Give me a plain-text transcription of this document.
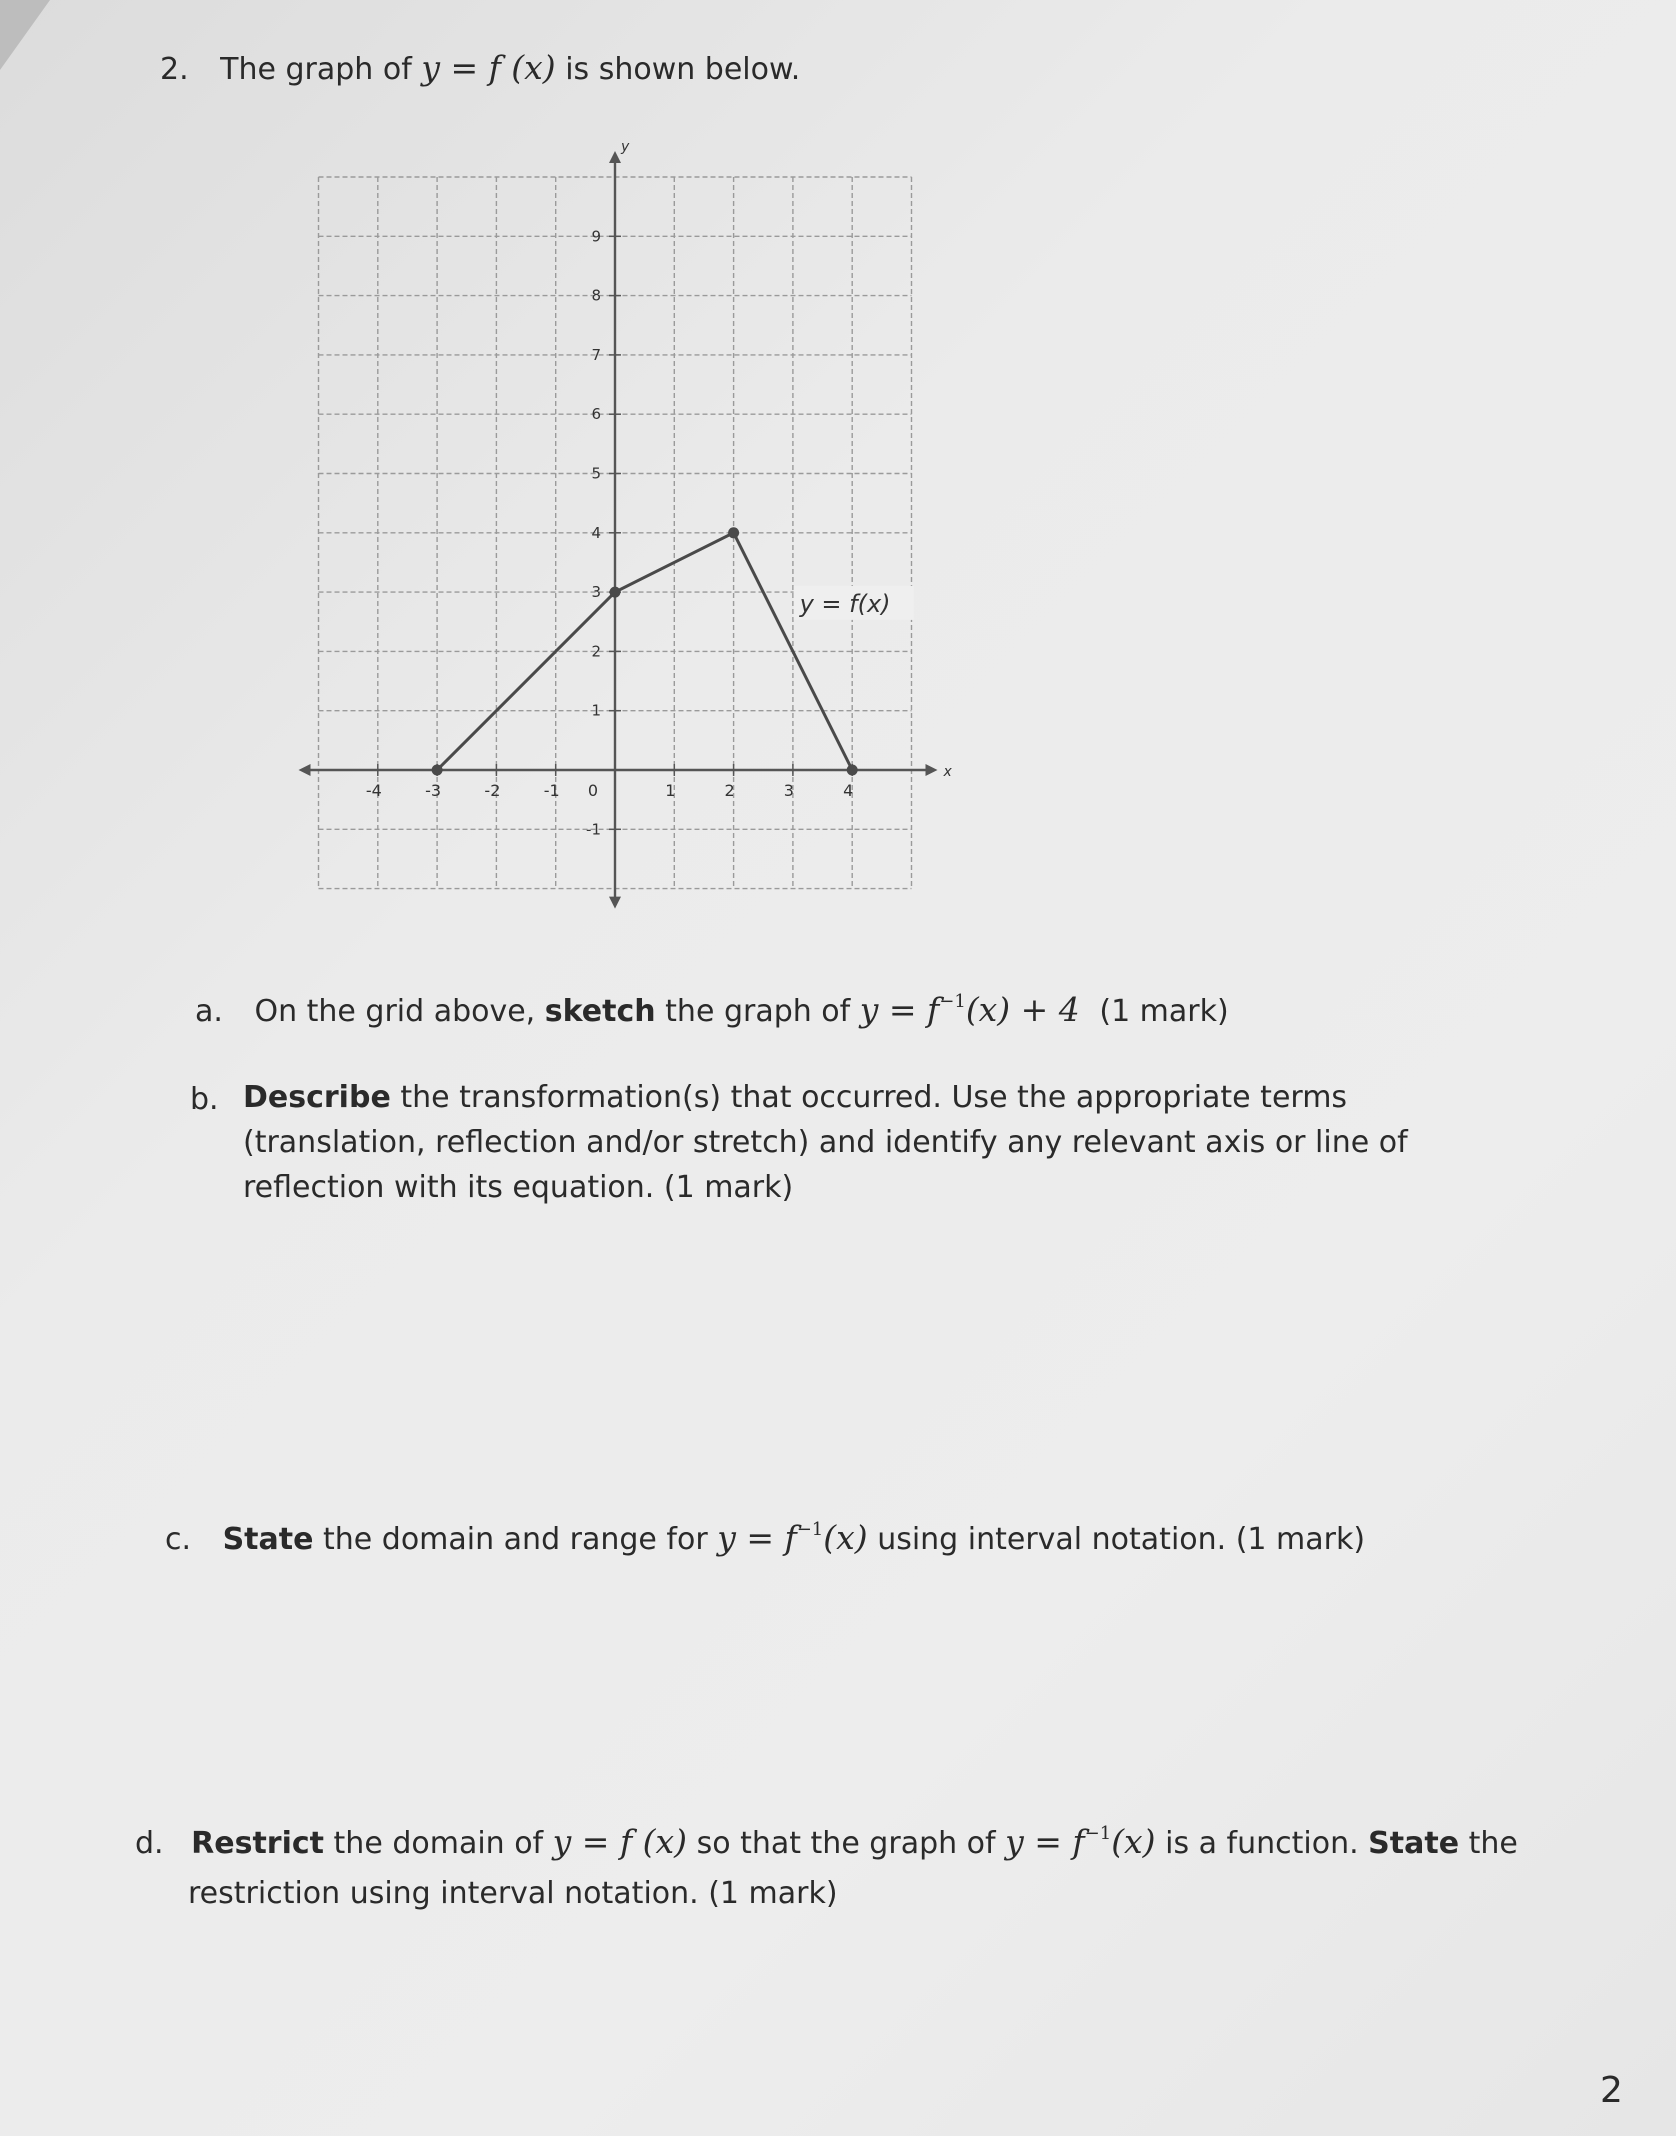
2. The graph of y = f (x) is shown below.
x
y
-4	-3	-2	-1 0	1	2	3	4
-1
1
2
3
4
5
6
7
8
9
y = f(x)
a. On the grid above, sketch the graph of $y = f^{-1}(x) + 4$ (1 mark)
b. Describe the transformation(s) that occurred. Use the appropriate terms (translation, reflection and/or stretch) and identify any relevant axis or line of reflection with its equation. (1 mark)
c. State the domain and range for $y = f^{-1}(x)$ using interval notation. (1 mark)
d. Restrict the domain of y = f (x) so that the graph of $y = f^{-1}(x)$ is a function. State the
restriction using interval notation. (1 mark)
2
